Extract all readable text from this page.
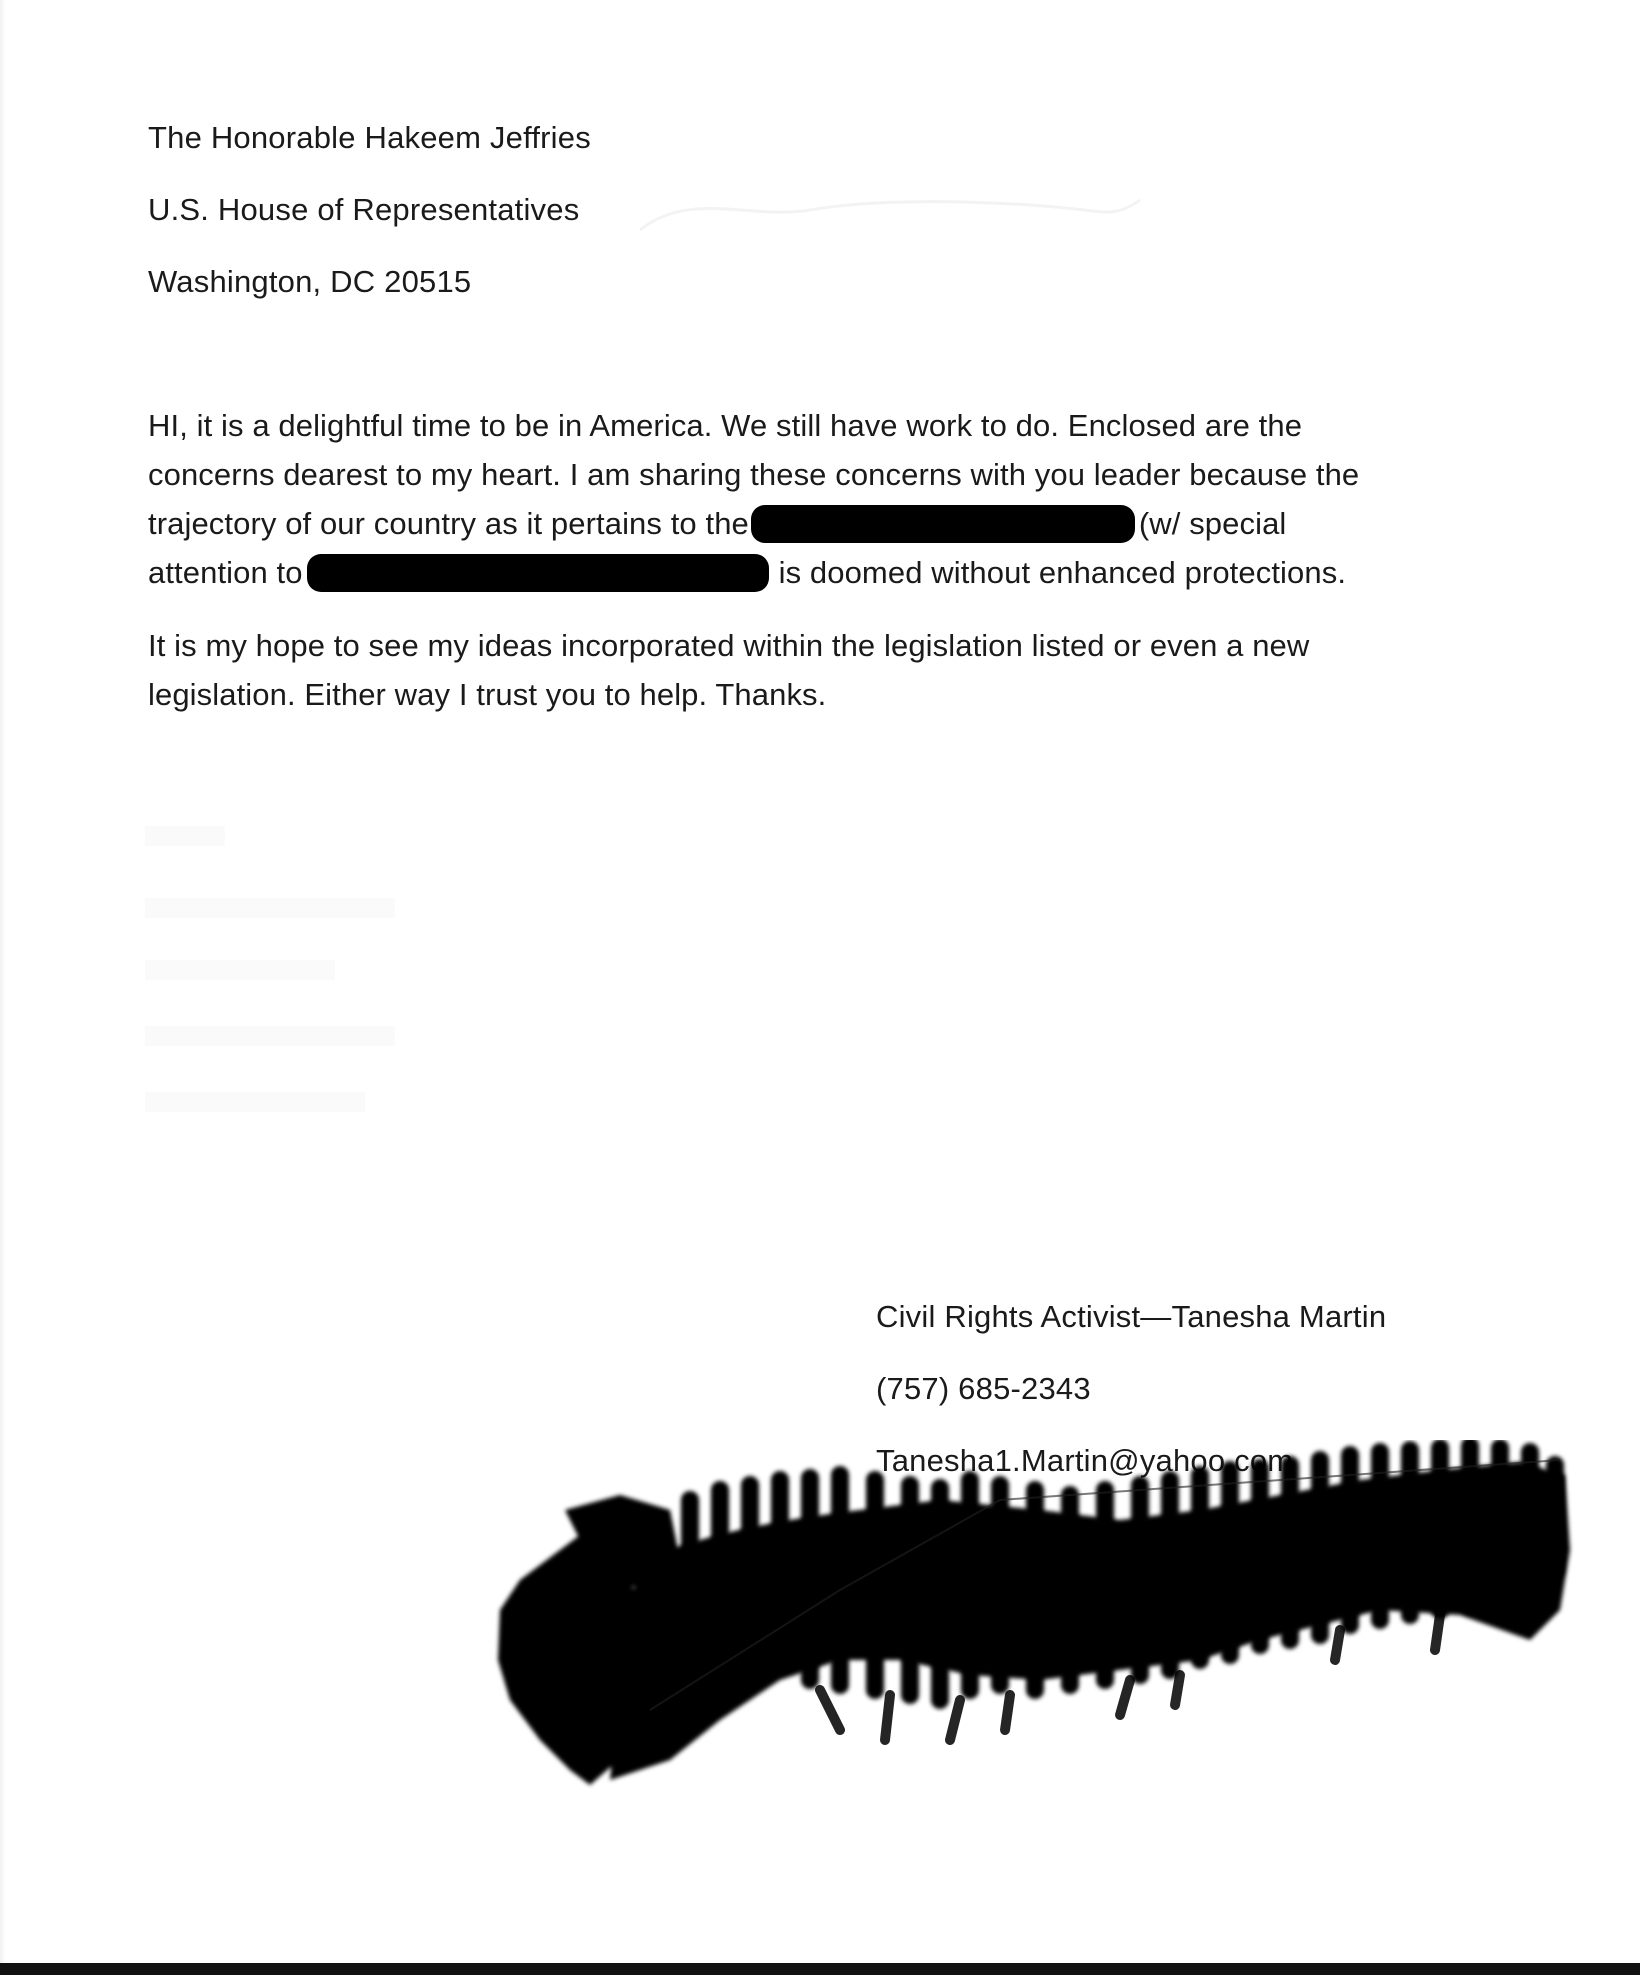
The Honorable Hakeem Jeffries
U.S. House of Representatives
Washington, DC 20515
HI, it is a delightful time to be in America. We still have work to do. Enclosed are the
concerns dearest to my heart. I am sharing these concerns with you leader because the
trajectory of our country as it pertains to the	(w/ special
attention to	is doomed without enhanced protections.
It is my hope to see my ideas incorporated within the legislation listed or even a new
legislation. Either way I trust you to help. Thanks.
Civil Rights Activist—Tanesha Martin
(757) 685-2343
Tanesha1.Martin@yahoo.com
